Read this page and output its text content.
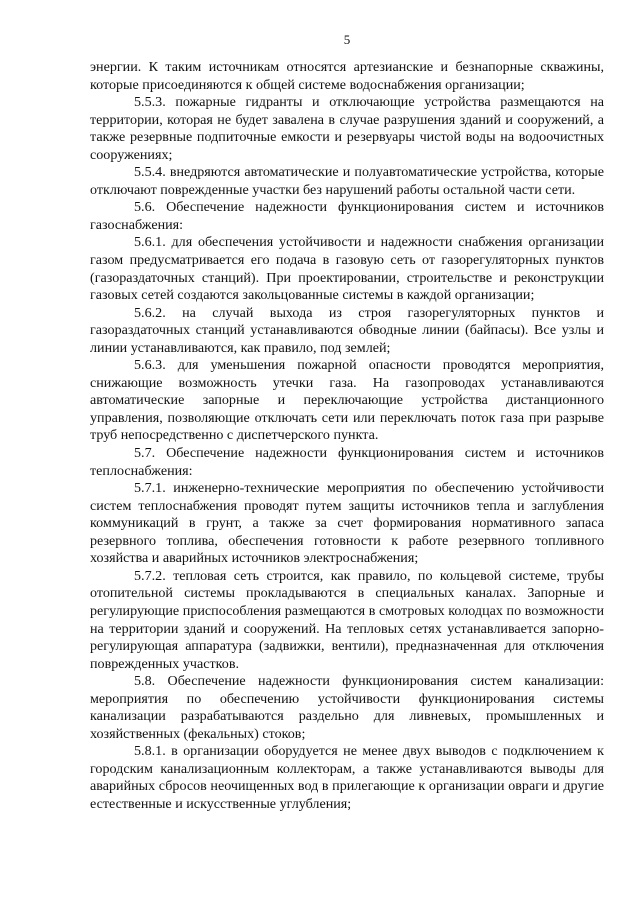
5

энергии. К таким источникам относятся артезианские и безнапорные скважины, которые присоединяются к общей системе водоснабжения организации;

5.5.3. пожарные гидранты и отключающие устройства размещаются на территории, которая не будет завалена в случае разрушения зданий и сооружений, а также резервные подпиточные емкости и резервуары чистой воды на водоочистных сооружениях;

5.5.4. внедряются автоматические и полуавтоматические устройства, которые отключают поврежденные участки без нарушений работы остальной части сети.

5.6. Обеспечение надежности функционирования систем и источников газоснабжения:

5.6.1. для обеспечения устойчивости и надежности снабжения организации газом предусматривается его подача в газовую сеть от газорегуляторных пунктов (газораздаточных станций). При проектировании, строительстве и реконструкции газовых сетей создаются закольцованные системы в каждой организации;

5.6.2. на случай выхода из строя газорегуляторных пунктов и газораздаточных станций устанавливаются обводные линии (байпасы). Все узлы и линии устанавливаются, как правило, под землей;

5.6.3. для уменьшения пожарной опасности проводятся мероприятия, снижающие возможность утечки газа. На газопроводах устанавливаются автоматические запорные и переключающие устройства дистанционного управления, позволяющие отключать сети или переключать поток газа при разрыве труб непосредственно с диспетчерского пункта.

5.7. Обеспечение надежности функционирования систем и источников теплоснабжения:

5.7.1. инженерно-технические мероприятия по обеспечению устойчивости систем теплоснабжения проводят путем защиты источников тепла и заглубления коммуникаций в грунт, а также за счет формирования нормативного запаса резервного топлива, обеспечения готовности к работе резервного топливного хозяйства и аварийных источников электроснабжения;

5.7.2. тепловая сеть строится, как правило, по кольцевой системе, трубы отопительной системы прокладываются в специальных каналах. Запорные и регулирующие приспособления размещаются в смотровых колодцах по возможности на территории зданий и сооружений. На тепловых сетях устанавливается запорно-регулирующая аппаратура (задвижки, вентили), предназначенная для отключения поврежденных участков.

5.8. Обеспечение надежности функционирования систем канализации: мероприятия по обеспечению устойчивости функционирования системы канализации разрабатываются раздельно для ливневых, промышленных и хозяйственных (фекальных) стоков;

5.8.1. в организации оборудуется не менее двух выводов с подключением к городским канализационным коллекторам, а также устанавливаются выводы для аварийных сбросов неочищенных вод в прилегающие к организации овраги и другие естественные и искусственные углубления;
